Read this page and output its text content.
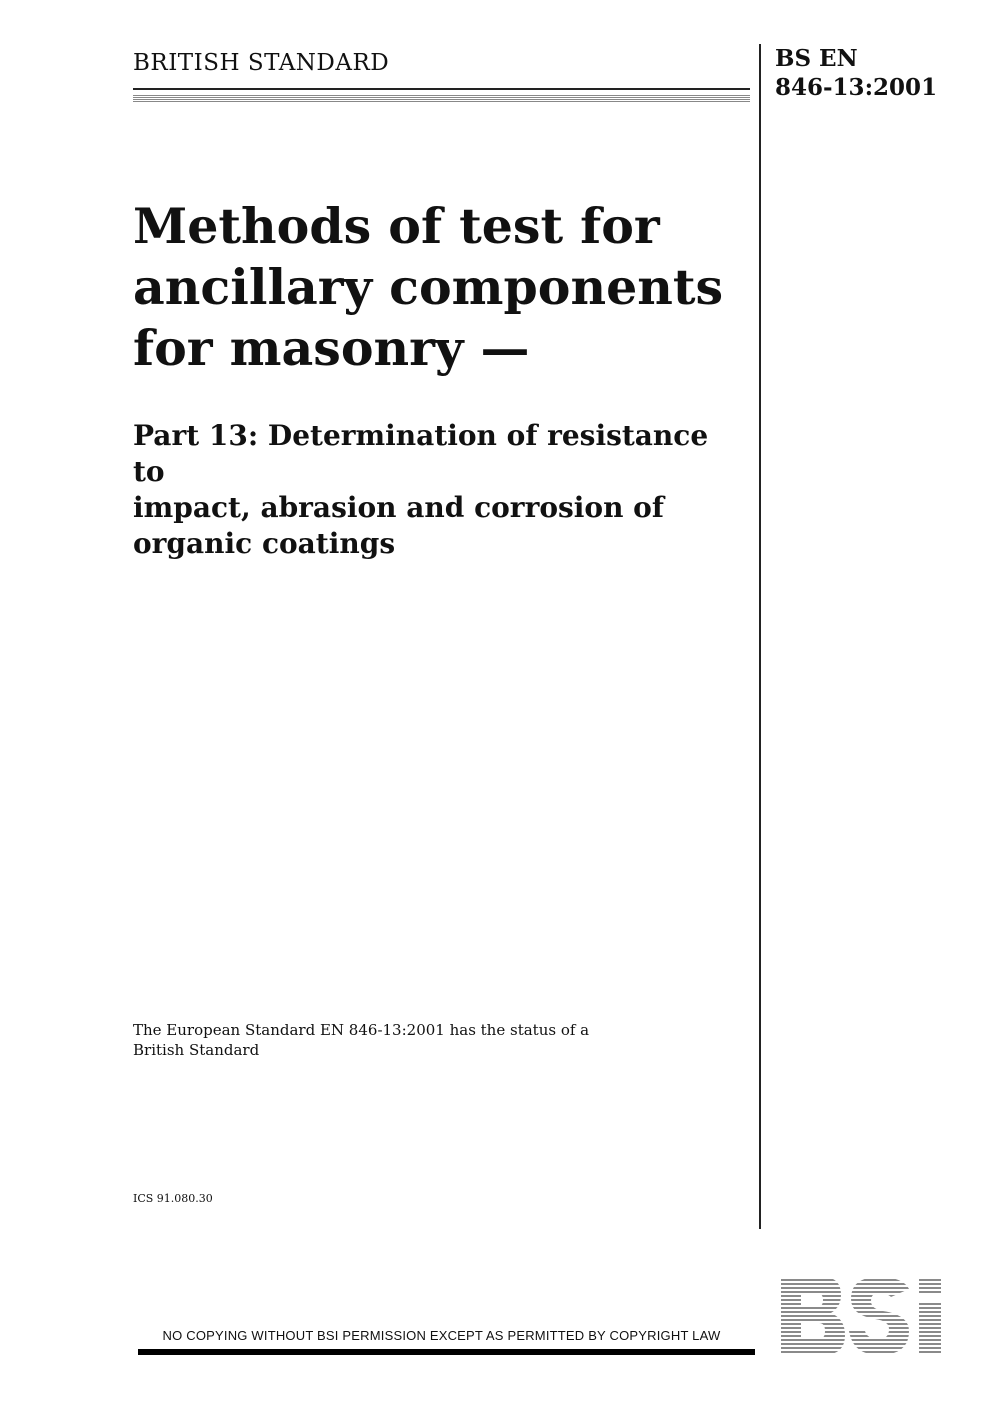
BRITISH STANDARD	BS EN
846-13:2001
Methods of test for
ancillary components
for masonry —
Part 13: Determination of resistance to
impact, abrasion and corrosion of
organic coatings
The European Standard EN 846-13:2001 has the status of a
British Standard
ICS 91.080.30
NO COPYING WITHOUT BSI PERMISSION EXCEPT AS PERMITTED BY COPYRIGHT LAW
